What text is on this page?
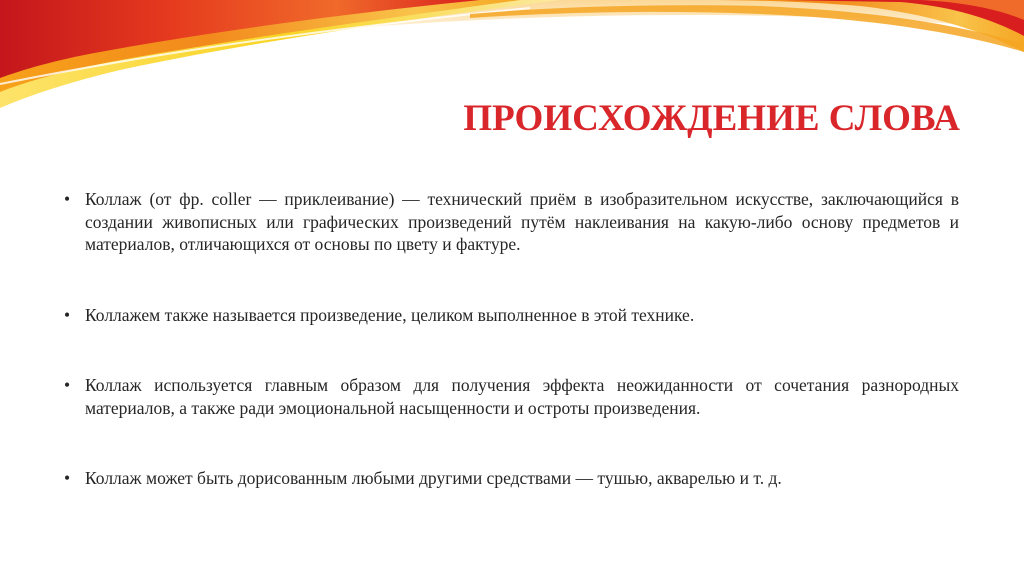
ПРОИСХОЖДЕНИЕ СЛОВА
• Коллаж (от фр. coller — приклеивание) — технический приём в изобразительном искусстве, заключающийся в создании живописных или графических произведений путём наклеивания на какую-либо основу предметов и материалов, отличающихся от основы по цвету и фактуре.
• Коллажем также называется произведение, целиком выполненное в этой технике.
• Коллаж используется главным образом для получения эффекта неожиданности от сочетания разнородных материалов, а также ради эмоциональной насыщенности и остроты произведения.
• Коллаж может быть дорисованным любыми другими средствами — тушью, акварелью и т. д.
